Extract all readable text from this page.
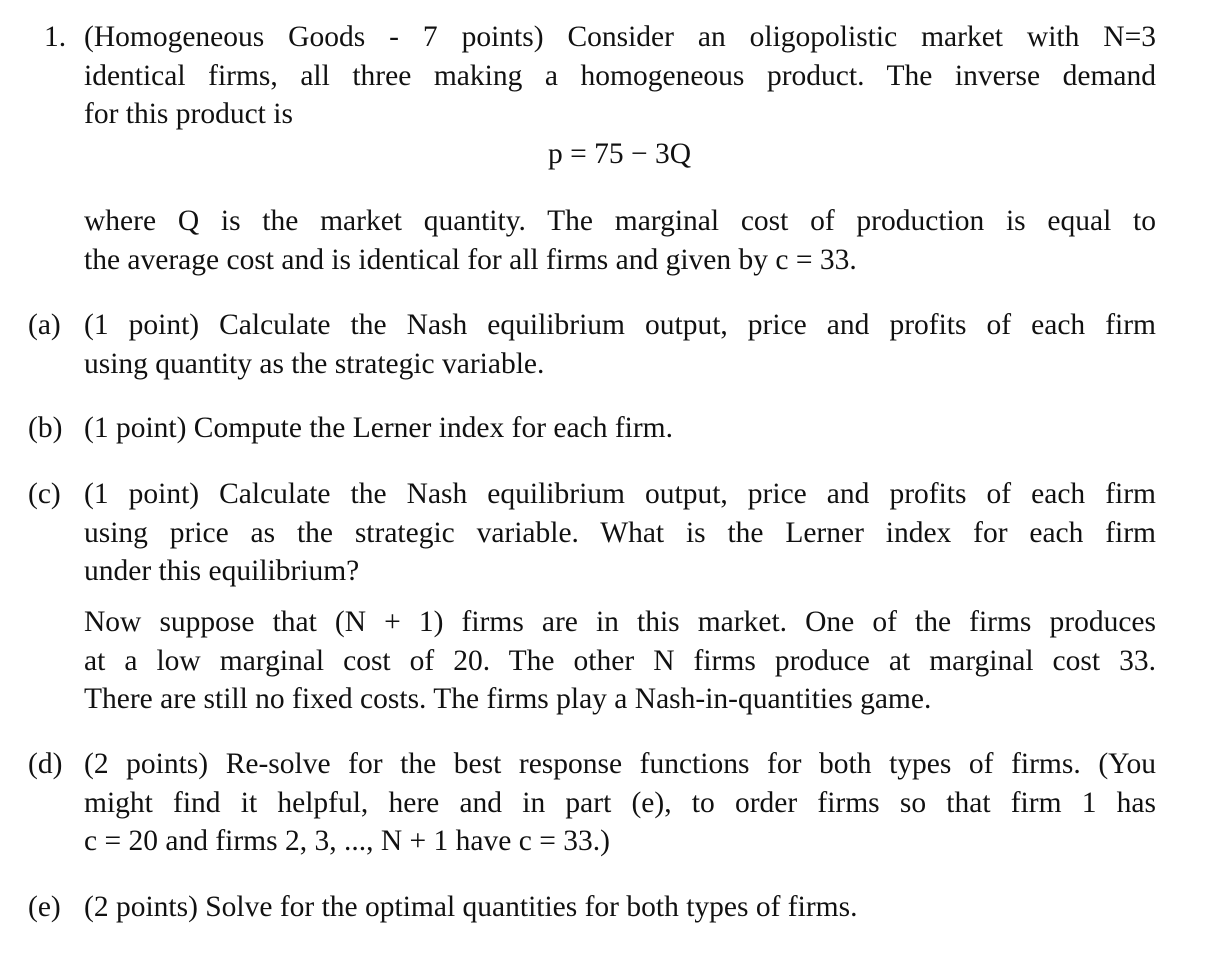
1. (Homogeneous Goods - 7 points) Consider an oligopolistic market with N=3
identical firms, all three making a homogeneous product. The inverse demand
for this product is
p = 75 − 3Q
where Q is the market quantity. The marginal cost of production is equal to
the average cost and is identical for all firms and given by c = 33.
(a) (1 point) Calculate the Nash equilibrium output, price and profits of each firm
using quantity as the strategic variable.
(b) (1 point) Compute the Lerner index for each firm.
(c) (1 point) Calculate the Nash equilibrium output, price and profits of each firm
using price as the strategic variable. What is the Lerner index for each firm
under this equilibrium?
Now suppose that (N + 1) firms are in this market. One of the firms produces
at a low marginal cost of 20. The other N firms produce at marginal cost 33.
There are still no fixed costs. The firms play a Nash-in-quantities game.
(d) (2 points) Re-solve for the best response functions for both types of firms. (You
might find it helpful, here and in part (e), to order firms so that firm 1 has
c = 20 and firms 2, 3, ..., N + 1 have c = 33.)
(e) (2 points) Solve for the optimal quantities for both types of firms.
